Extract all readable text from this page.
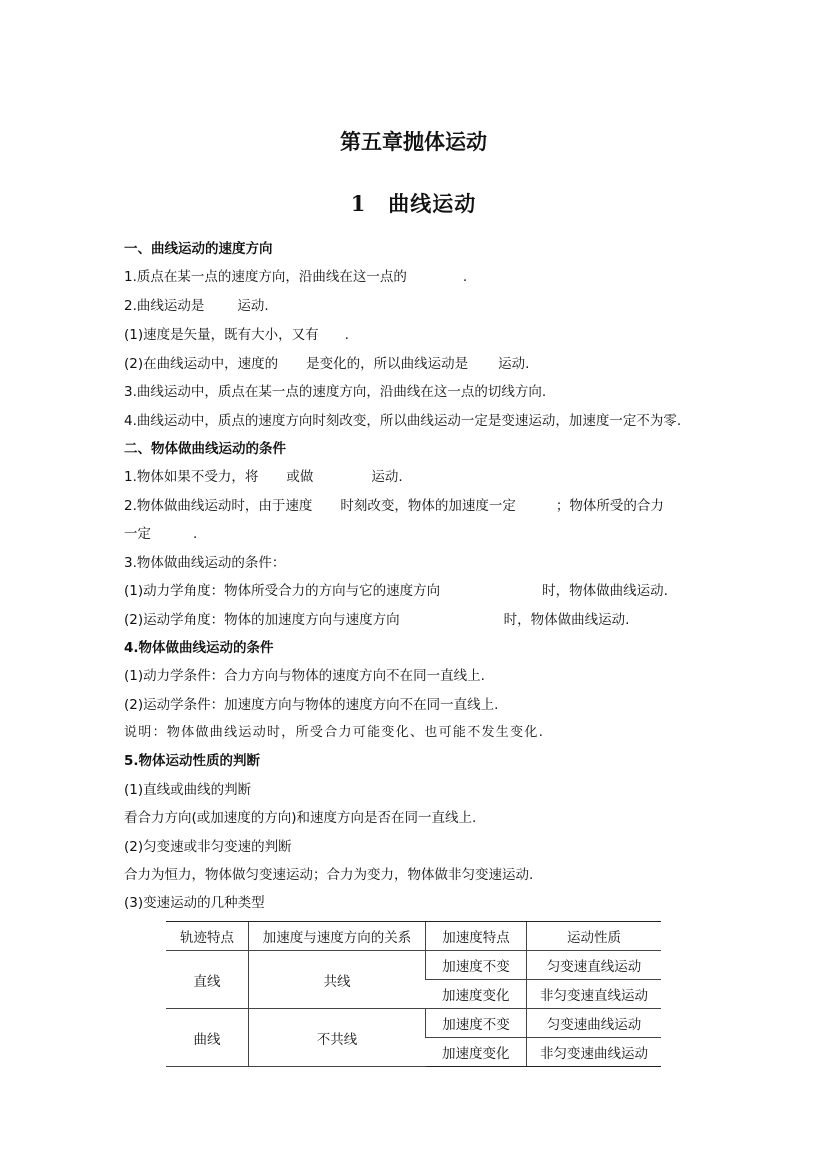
第五章抛体运动
1　曲线运动
一、曲线运动的速度方向
1.质点在某一点的速度方向，沿曲线在这一点的	.
2.曲线运动是 运动.
(1)速度是矢量，既有大小，又有 .
(2)在曲线运动中，速度的 是变化的，所以曲线运动是 运动.
3.曲线运动中，质点在某一点的速度方向，沿曲线在这一点的切线方向.
4.曲线运动中，质点的速度方向时刻改变，所以曲线运动一定是变速运动，加速度一定不为零.
二、物体做曲线运动的条件
1.物体如果不受力，将 或做	运动.
2.物体做曲线运动时，由于速度 时刻改变，物体的加速度一定	；物体所受的合力
一定	.
3.物体做曲线运动的条件：
(1)动力学角度：物体所受合力的方向与它的速度方向	时，物体做曲线运动.
(2)运动学角度：物体的加速度方向与速度方向	时，物体做曲线运动.
4.物体做曲线运动的条件
(1)动力学条件：合力方向与物体的速度方向不在同一直线上.
(2)运动学条件：加速度方向与物体的速度方向不在同一直线上.
说明：物体做曲线运动时，所受合力可能变化、也可能不发生变化.
5.物体运动性质的判断
(1)直线或曲线的判断
看合力方向(或加速度的方向)和速度方向是否在同一直线上.
(2)匀变速或非匀变速的判断
合力为恒力，物体做匀变速运动；合力为变力，物体做非匀变速运动.
(3)变速运动的几种类型
轨迹特点	加速度与速度方向的关系	加速度特点	运动性质
直线	共线	加速度不变	匀变速直线运动
		加速度变化	非匀变速直线运动
曲线	不共线	加速度不变	匀变速曲线运动
		加速度变化	非匀变速曲线运动
